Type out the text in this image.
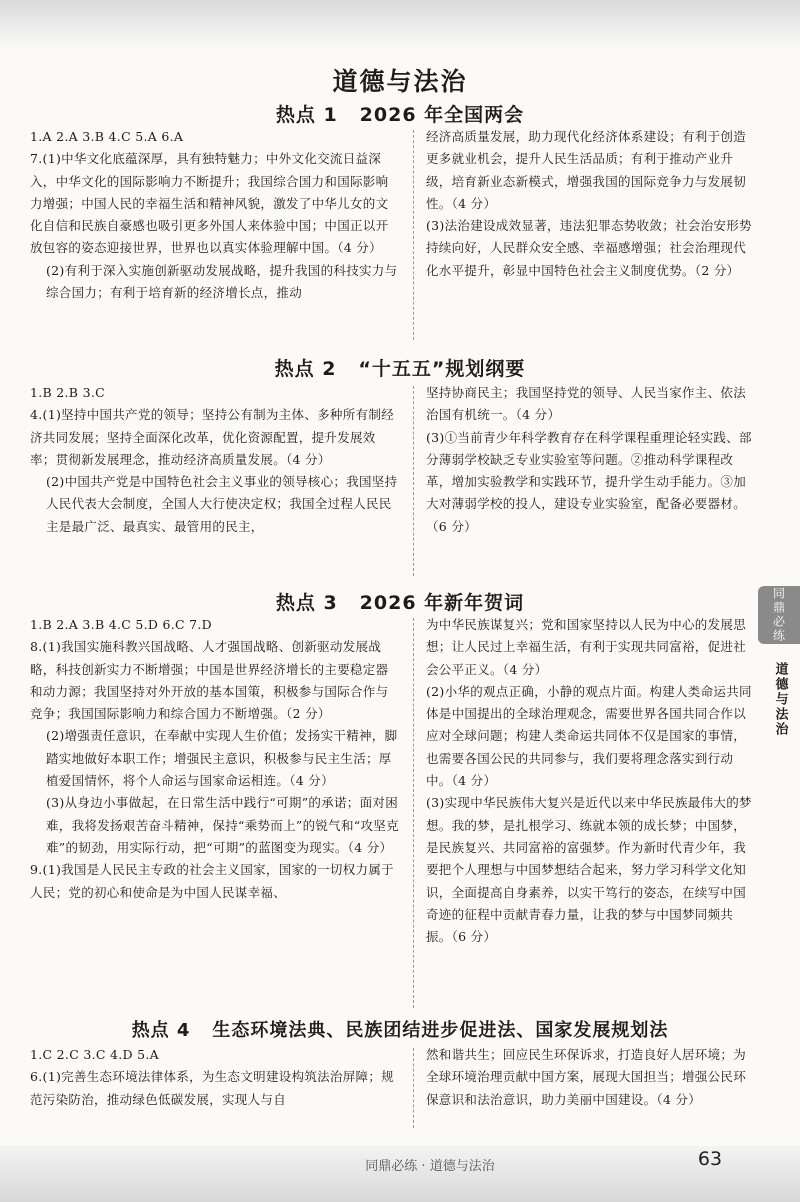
道德与法治
热点 1 2026 年全国两会

1.A 2.A 3.B 4.C 5.A 6.A

7.(1)中华文化底蕴深厚，具有独特魅力；中外文化交流日益深入，中华文化的国际影响力不断提升；我国综合国力和国际影响力增强；中国人民的幸福生活和精神风貌，激发了中华儿女的文化自信和民族自豪感也吸引更多外国人来体验中国；中国正以开放包容的姿态迎接世界，世界也以真实体验理解中国。（4 分）

(2)有利于深入实施创新驱动发展战略，提升我国的科技实力与综合国力；有利于培育新的经济增长点，推动

经济高质量发展，助力现代化经济体系建设；有利于创造更多就业机会，提升人民生活品质；有利于推动产业升级，培育新业态新模式，增强我国的国际竞争力与发展韧性。（4 分）

(3)法治建设成效显著，违法犯罪态势收敛；社会治安形势持续向好，人民群众安全感、幸福感增强；社会治理现代化水平提升，彰显中国特色社会主义制度优势。（2 分）

热点 2 “十五五”规划纲要

1.B 2.B 3.C

4.(1)坚持中国共产党的领导；坚持公有制为主体、多种所有制经济共同发展；坚持全面深化改革，优化资源配置，提升发展效率；贯彻新发展理念，推动经济高质量发展。（4 分）

(2)中国共产党是中国特色社会主义事业的领导核心；我国坚持人民代表大会制度，全国人大行使决定权；我国全过程人民民主是最广泛、最真实、最管用的民主，

坚持协商民主；我国坚持党的领导、人民当家作主、依法治国有机统一。（4 分）

(3)①当前青少年科学教育存在科学课程重理论轻实践、部分薄弱学校缺乏专业实验室等问题。②推动科学课程改革，增加实验教学和实践环节，提升学生动手能力。③加大对薄弱学校的投人，建设专业实验室，配备必要器材。（6 分）

热点 3 2026 年新年贺词

1.B 2.A 3.B 4.C 5.D 6.C 7.D

8.(1)我国实施科教兴国战略、人才强国战略、创新驱动发展战略，科技创新实力不断增强；中国是世界经济增长的主要稳定器和动力源；我国坚持对外开放的基本国策，积极参与国际合作与竞争；我国国际影响力和综合国力不断增强。（2 分）

(2)增强责任意识，在奉献中实现人生价值；发扬实干精神，脚踏实地做好本职工作；增强民主意识，积极参与民主生活；厚植爱国情怀，将个人命运与国家命运相连。（4 分）

(3)从身边小事做起，在日常生活中践行“可期”的承诺；面对困难，我将发扬艰苦奋斗精神，保持“乘势而上”的锐气和“攻坚克难”的韧劲，用实际行动，把“可期”的蓝图变为现实。（4 分）

9.(1)我国是人民民主专政的社会主义国家，国家的一切权力属于人民；党的初心和使命是为中国人民谋幸福、

为中华民族谋复兴；党和国家坚持以人民为中心的发展思想；让人民过上幸福生活，有利于实现共同富裕，促进社会公平正义。（4 分）

(2)小华的观点正确，小静的观点片面。构建人类命运共同体是中国提出的全球治理观念，需要世界各国共同合作以应对全球问题；构建人类命运共同体不仅是国家的事情，也需要各国公民的共同参与，我们要将理念落实到行动中。（4 分）

(3)实现中华民族伟大复兴是近代以来中华民族最伟大的梦想。我的梦，是扎根学习、练就本领的成长梦；中国梦，是民族复兴、共同富裕的富强梦。作为新时代青少年，我要把个人理想与中国梦想结合起来，努力学习科学文化知识，全面提高自身素养，以实干笃行的姿态，在续写中国奇迹的征程中贡献青春力量，让我的梦与中国梦同频共振。（6 分）

热点 4 生态环境法典、民族团结进步促进法、国家发展规划法

1.C 2.C 3.C 4.D 5.A

6.(1)完善生态环境法律体系，为生态文明建设构筑法治屏障；规范污染防治，推动绿色低碳发展，实现人与自

然和谐共生；回应民生环保诉求，打造良好人居环境；为全球环境治理贡献中国方案，展现大国担当；增强公民环保意识和法治意识，助力美丽中国建设。（4 分）

同鼎必练
道德与法治
同鼎必练 · 道德与法治	63
